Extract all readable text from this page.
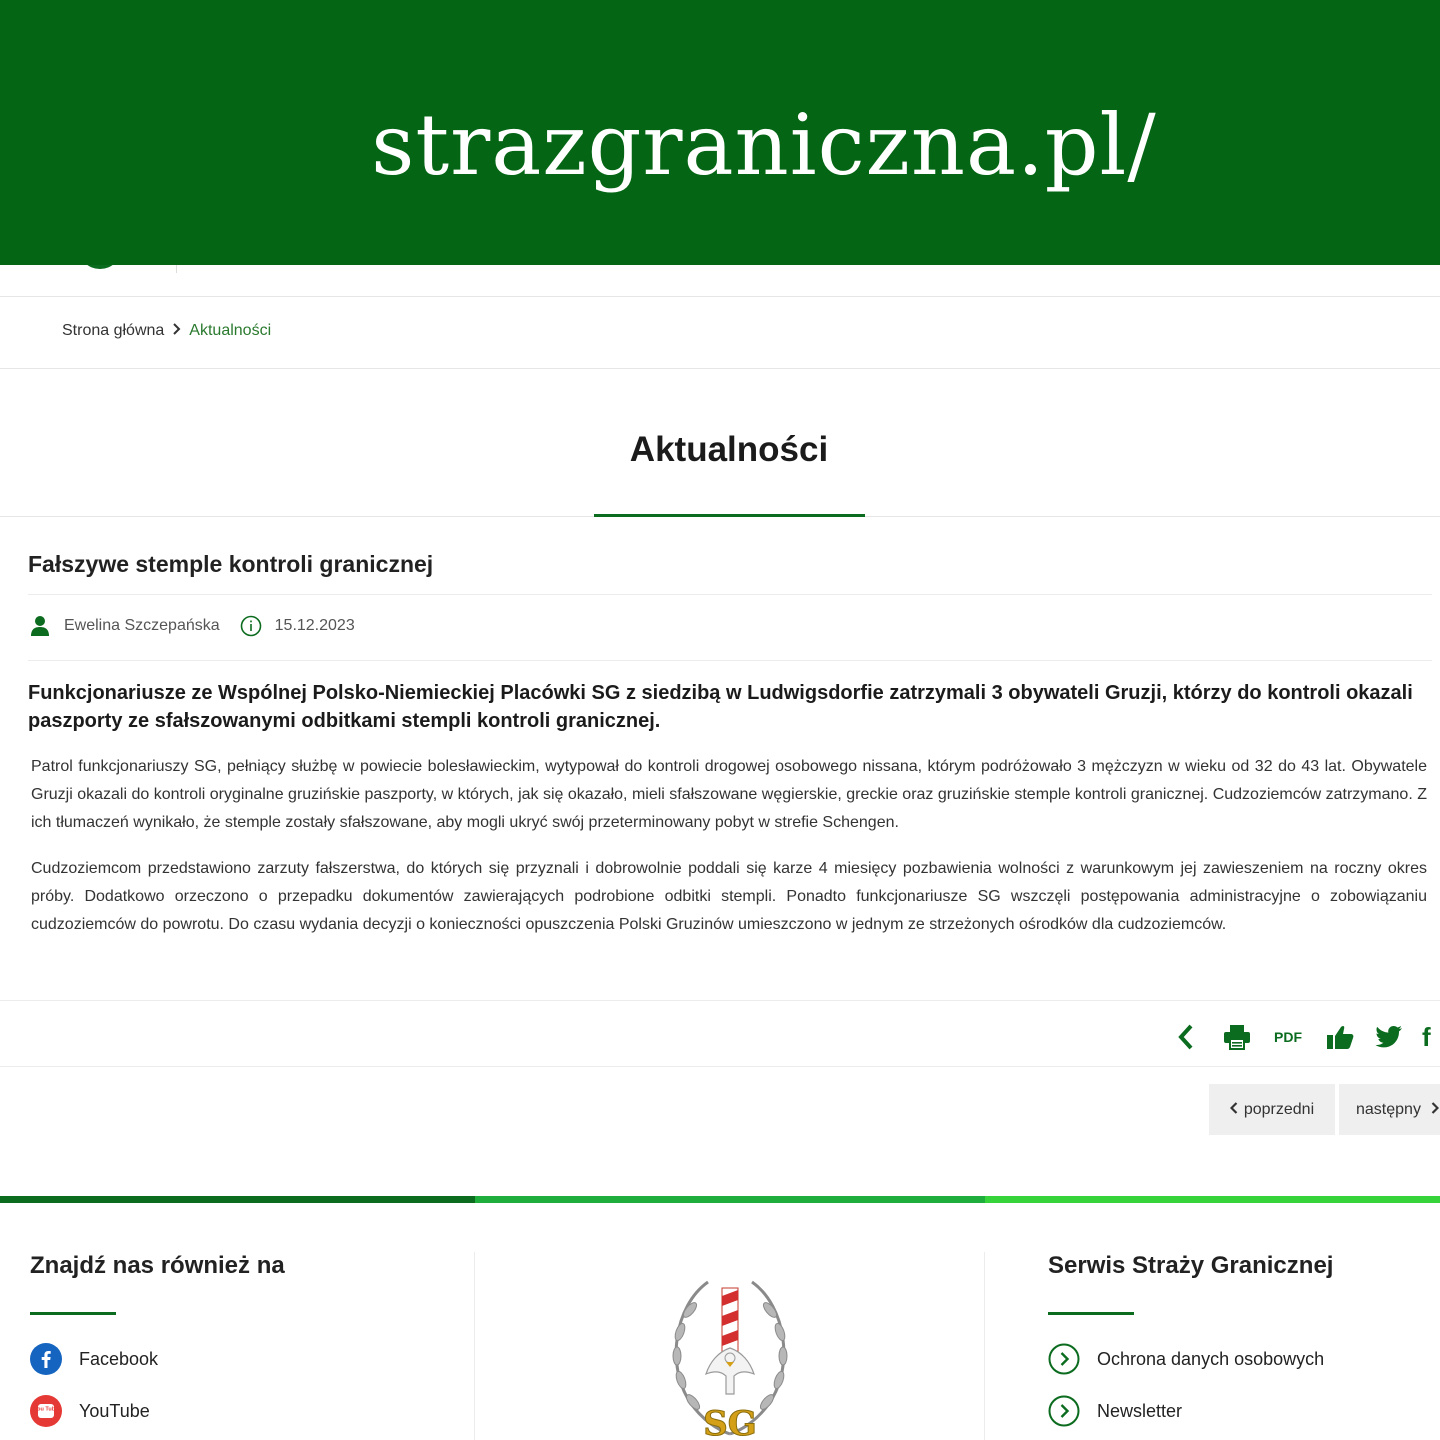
strazgraniczna.pl/
Strona główna Aktualności
Aktualności
Fałszywe stemple kontroli granicznej
Ewelina Szczepańska	15.12.2023

Funkcjonariusze ze Wspólnej Polsko-Niemieckiej Placówki SG z siedzibą w Ludwigsdorfie zatrzymali 3 obywateli Gruzji, którzy do kontroli okazali paszporty ze sfałszowanymi odbitkami stempli kontroli granicznej.

Patrol funkcjonariuszy SG, pełniący służbę w powiecie bolesławieckim, wytypował do kontroli drogowej osobowego nissana, którym podróżowało 3 mężczyzn w wieku od 32 do 43 lat. Obywatele Gruzji okazali do kontroli oryginalne gruzińskie paszporty, w których, jak się okazało, mieli sfałszowane węgierskie, greckie oraz gruzińskie stemple kontroli granicznej. Cudzoziemców zatrzymano. Z ich tłumaczeń wynikało, że stemple zostały sfałszowane, aby mogli ukryć swój przeterminowany pobyt w strefie Schengen.

Cudzoziemcom przedstawiono zarzuty fałszerstwa, do których się przyznali i dobrowolnie poddali się karze 4 miesięcy pozbawienia wolności z warunkowym jej zawieszeniem na roczny okres próby. Dodatkowo orzeczono o przepadku dokumentów zawierających podrobione odbitki stempli. Ponadto funkcjonariusze SG wszczęli postępowania administracyjne o zobowiązaniu cudzoziemców do powrotu. Do czasu wydania decyzji o konieczności opuszczenia Polski Gruzinów umieszczono w jednym ze strzeżonych ośrodków dla cudzoziemców.

PDF	f
poprzedni	następny
Znajdź nas również na
Facebook
You Tube YouTube	SG
Serwis Straży Granicznej
Ochrona danych osobowych
Newsletter
